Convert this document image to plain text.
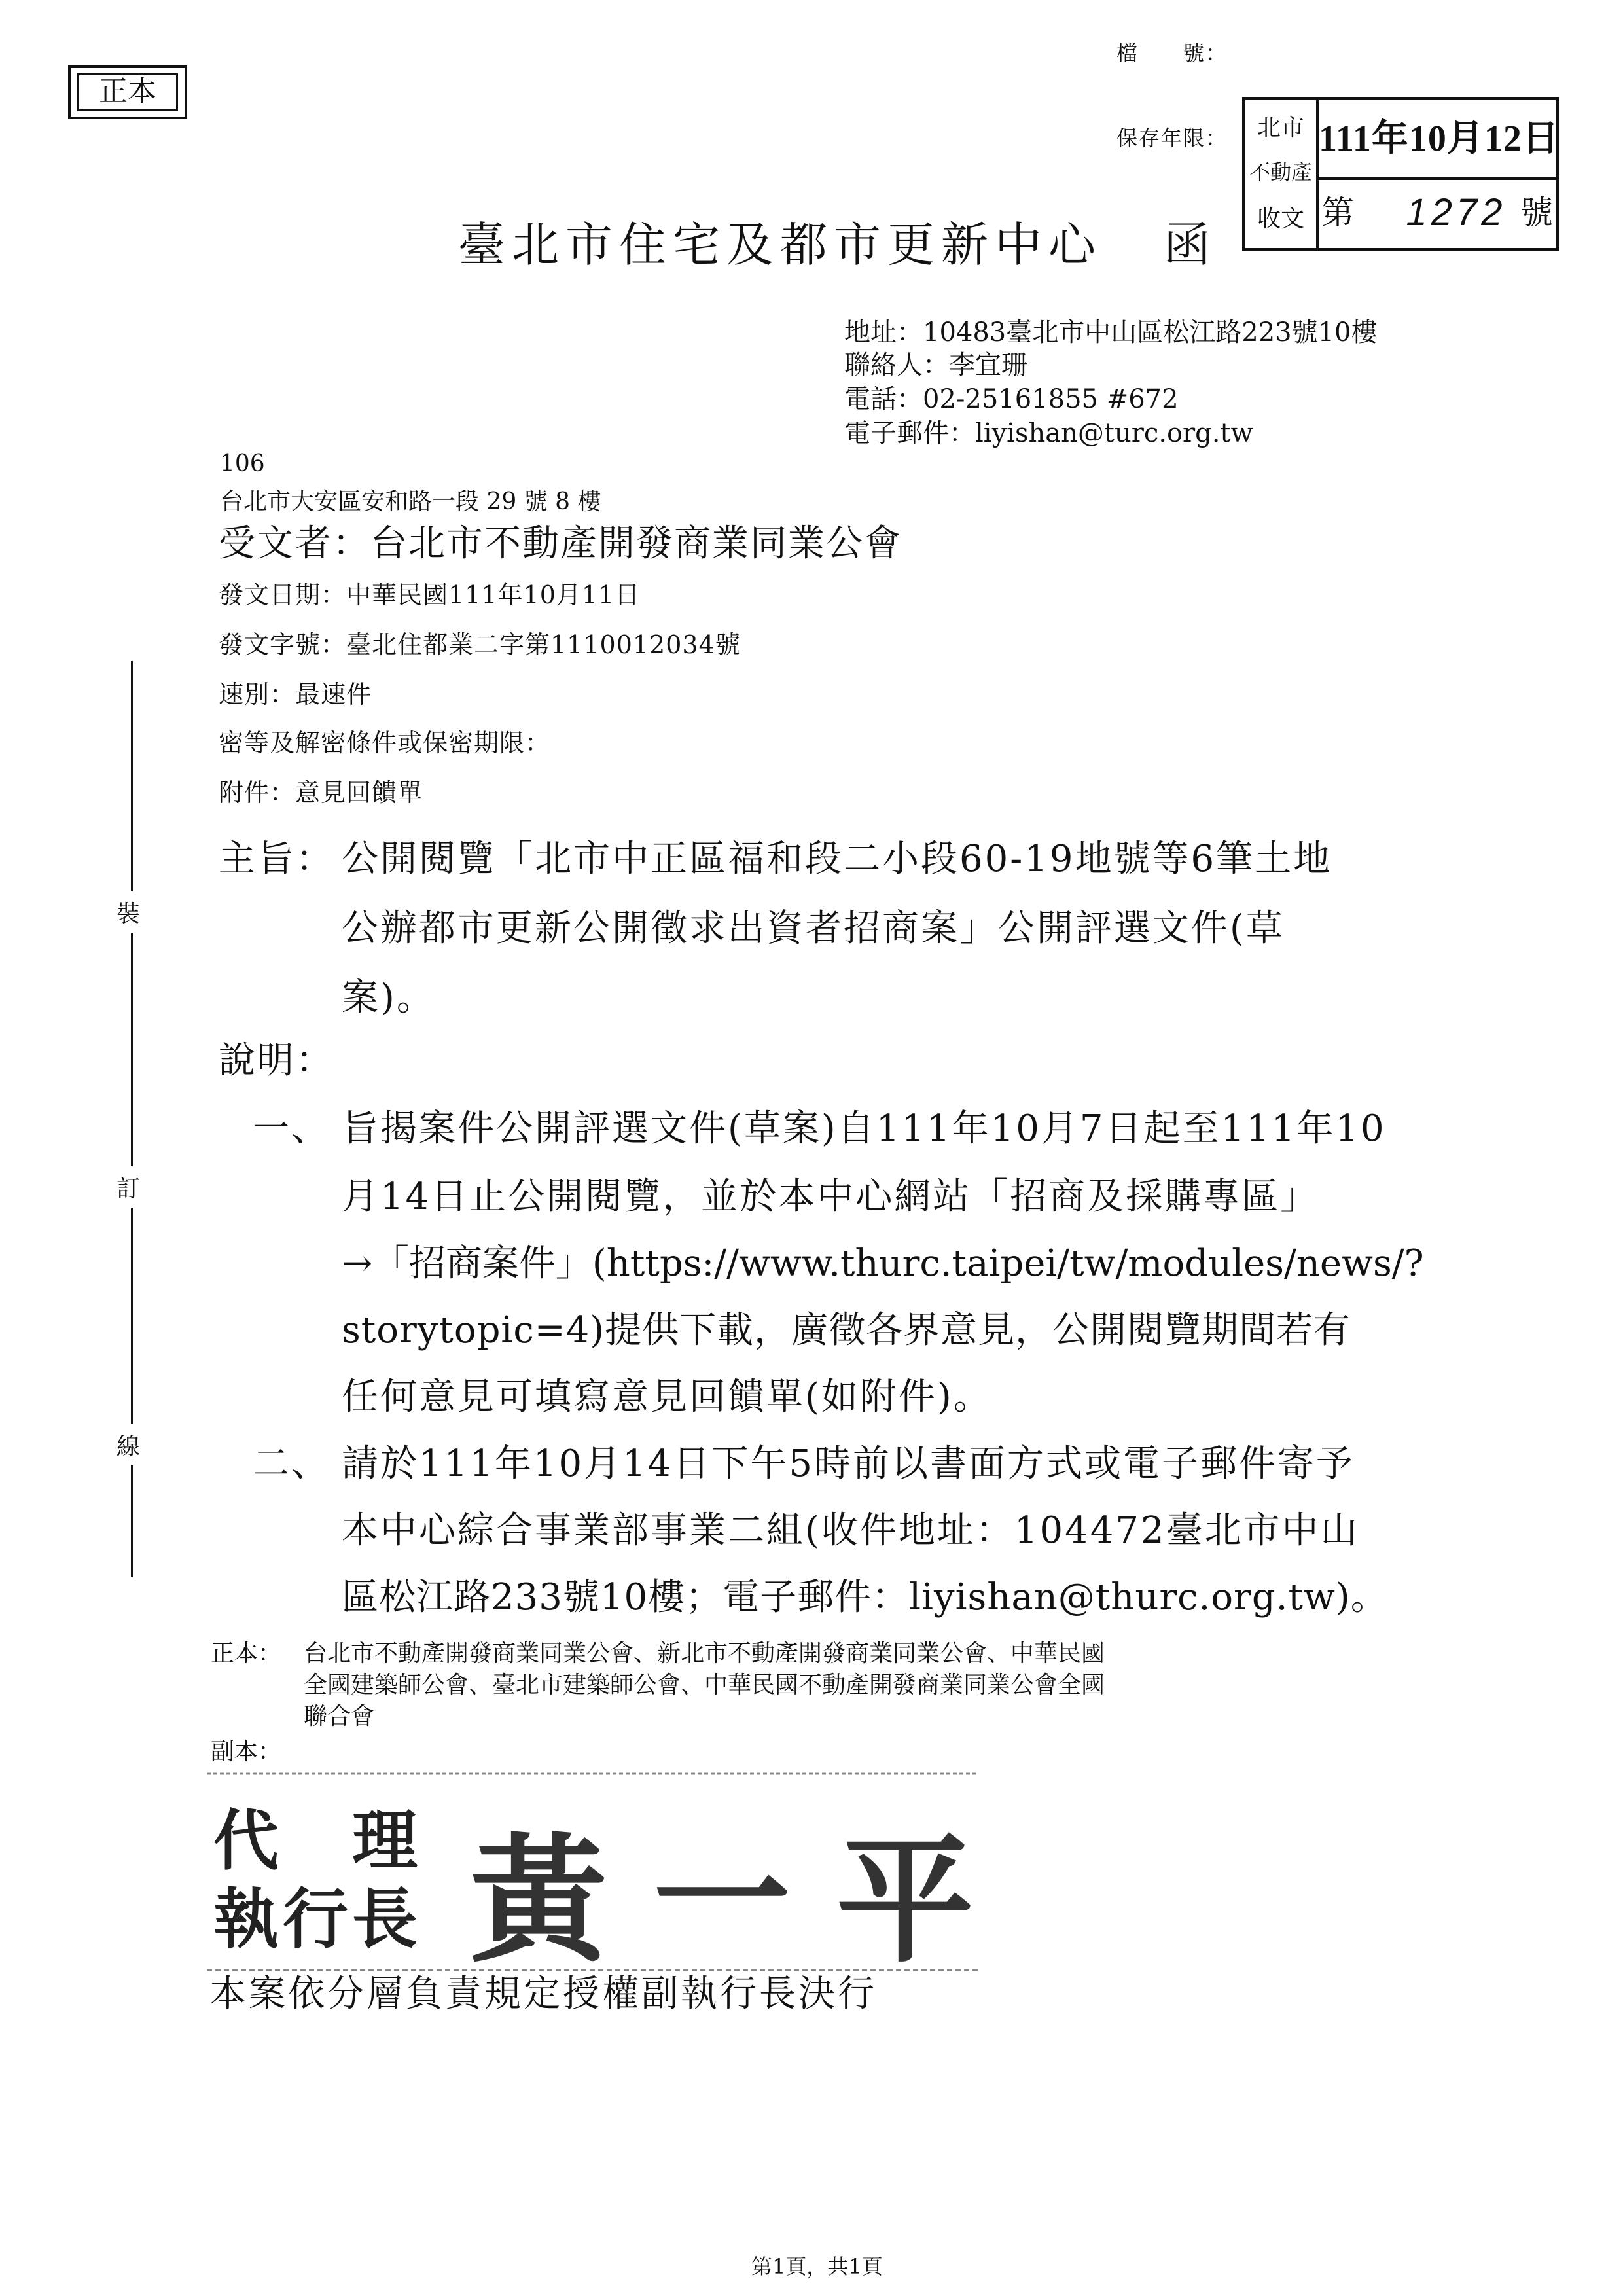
正本
檔　　號：
保存年限：	北市
不動產
收文
111年10月12日
第	1272 號
臺北市住宅及都市更新中心 函
地址：10483臺北市中山區松江路223號10樓
聯絡人：李宜珊
電話：02-25161855 #672
電子郵件：liyishan@turc.org.tw
106
台北市大安區安和路一段 29 號 8 樓
受文者：台北市不動產開發商業同業公會
發文日期：中華民國111年10月11日
發文字號：臺北住都業二字第1110012034號
速別：最速件
密等及解密條件或保密期限：
附件：意見回饋單
裝
訂
線
主旨： 公開閱覽「北市中正區福和段二小段60-19地號等6筆土地
公辦都市更新公開徵求出資者招商案」公開評選文件(草
案)。
說明：
一、 旨揭案件公開評選文件(草案)自111年10月7日起至111年10
月14日止公開閱覽，並於本中心網站「招商及採購專區」
→「招商案件」(https://www.thurc.taipei/tw/modules/news/?
storytopic=4)提供下載，廣徵各界意見，公開閱覽期間若有
任何意見可填寫意見回饋單(如附件)。
二、 請於111年10月14日下午5時前以書面方式或電子郵件寄予
本中心綜合事業部事業二組(收件地址：104472臺北市中山
區松江路233號10樓；電子郵件：liyishan@thurc.org.tw)。
正本： 台北市不動產開發商業同業公會、新北市不動產開發商業同業公會、中華民國
全國建築師公會、臺北市建築師公會、中華民國不動產開發商業同業公會全國
聯合會
副本：
代　理
執行長 黃一平
本案依分層負責規定授權副執行長決行
第1頁，共1頁
